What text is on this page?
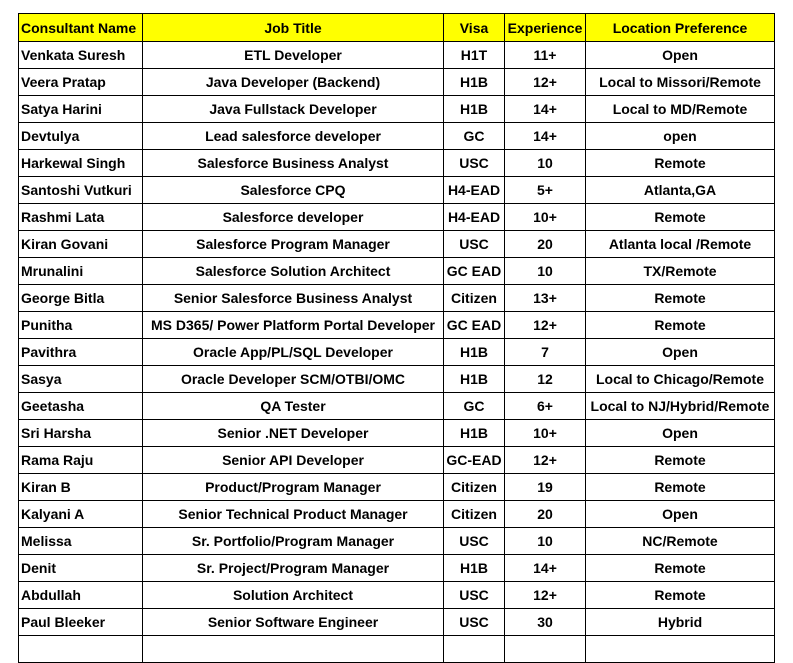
Consultant Name	Job Title	Visa	Experience	Location Preference
Venkata Suresh	ETL Developer	H1T	11+	Open
Veera Pratap	Java Developer (Backend)	H1B	12+	Local to Missori/Remote
Satya Harini	Java Fullstack Developer	H1B	14+	Local to MD/Remote
Devtulya	Lead salesforce developer	GC	14+	open
Harkewal Singh	Salesforce Business Analyst	USC	10	Remote
Santoshi Vutkuri	Salesforce CPQ	H4-EAD	5+	Atlanta,GA
Rashmi Lata	Salesforce developer	H4-EAD	10+	Remote
Kiran Govani	Salesforce Program Manager	USC	20	Atlanta local /Remote
Mrunalini	Salesforce Solution Architect	GC EAD	10	TX/Remote
George Bitla	Senior Salesforce Business Analyst	Citizen	13+	Remote
Punitha	MS D365/ Power Platform Portal Developer	GC EAD	12+	Remote
Pavithra	Oracle App/PL/SQL Developer	H1B	7	Open
Sasya	Oracle Developer SCM/OTBI/OMC	H1B	12	Local to Chicago/Remote
Geetasha	QA Tester	GC	6+	Local to NJ/Hybrid/Remote
Sri Harsha	Senior .NET Developer	H1B	10+	Open
Rama Raju	Senior API Developer	GC-EAD	12+	Remote
Kiran B	Product/Program Manager	Citizen	19	Remote
Kalyani A	Senior Technical Product Manager	Citizen	20	Open
Melissa	Sr. Portfolio/Program Manager	USC	10	NC/Remote
Denit	Sr. Project/Program Manager	H1B	14+	Remote
Abdullah	Solution Architect	USC	12+	Remote
Paul Bleeker	Senior Software Engineer	USC	30	Hybrid
